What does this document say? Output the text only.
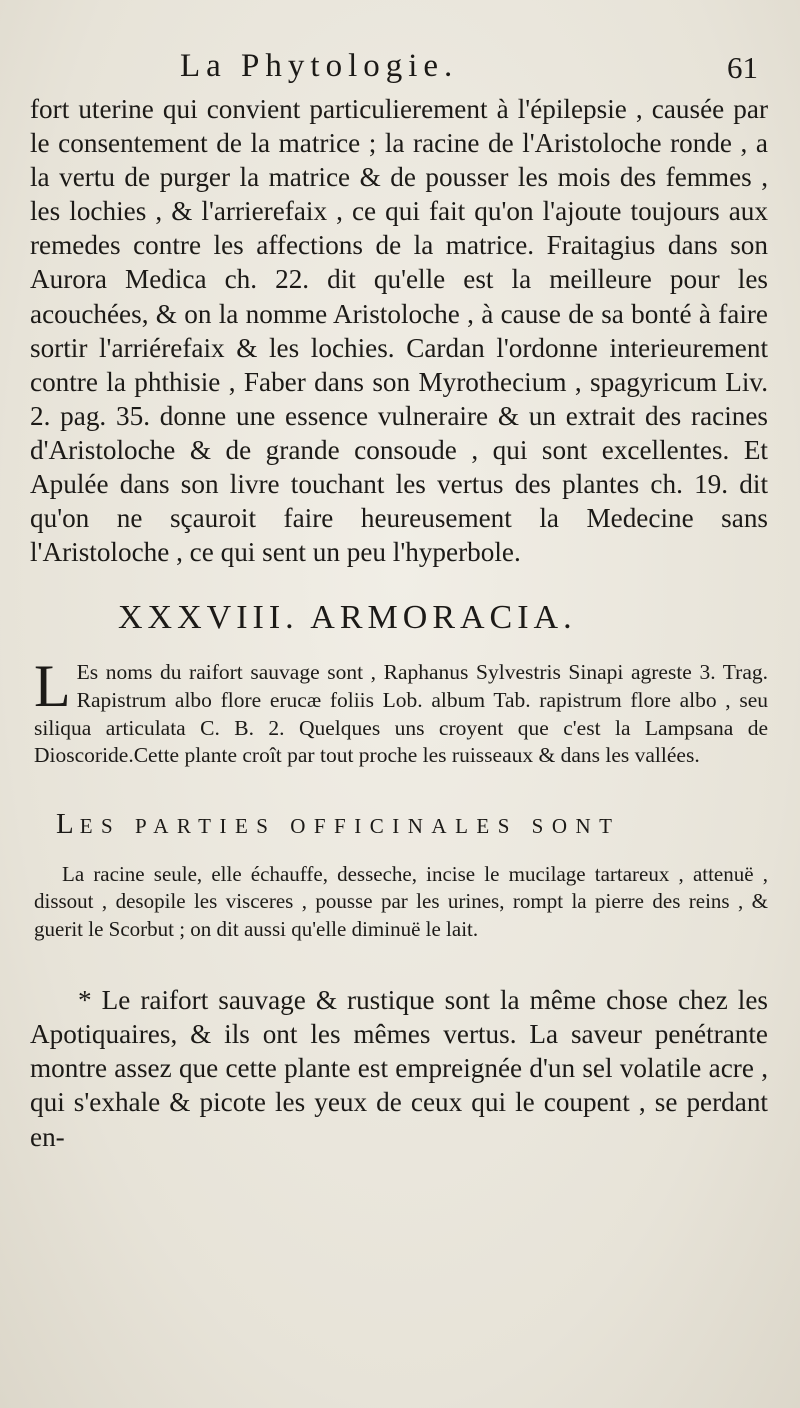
La Phytologie.	61

fort uterine qui convient particulierement à l'épilepsie , causée par le consentement de la matrice ; la racine de l'Aristoloche ronde , a la vertu de purger la matrice & de pousser les mois des femmes , les lochies , & l'arrierefaix , ce qui fait qu'on l'ajoute toujours aux remedes contre les affections de la matrice. Fraitagius dans son Aurora Medica ch. 22. dit qu'elle est la meilleure pour les acouchées, & on la nomme Aristoloche , à cause de sa bonté à faire sortir l'arriérefaix & les lochies. Cardan l'ordonne interieurement contre la phthisie , Faber dans son Myrothecium , spagyricum Liv. 2. pag. 35. donne une essence vulneraire & un extrait des racines d'Aristoloche & de grande consoude , qui sont excellentes. Et Apulée dans son livre touchant les vertus des plantes ch. 19. dit qu'on ne sçauroit faire heureusement la Medecine sans l'Aristoloche , ce qui sent un peu l'hyperbole.

XXXVIII. ARMORACIA.

L Es noms du raifort sauvage sont , Raphanus Sylvestris Sinapi agreste 3. Trag. Rapistrum albo flore erucæ foliis Lob. album Tab. rapistrum flore albo , seu siliqua articulata C. B. 2. Quelques uns croyent que c'est la Lampsana de Dioscoride.Cette plante croît par tout proche les ruisseaux & dans les vallées.

LES PARTIES OFFICINALES SONT

La racine seule, elle échauffe, desseche, incise le mucilage tartareux , attenuë , dissout , desopile les visceres , pousse par les urines, rompt la pierre des reins , & guerit le Scorbut ; on dit aussi qu'elle diminuë le lait.

* Le raifort sauvage & rustique sont la même chose chez les Apotiquaires, & ils ont les mêmes vertus. La saveur penétrante montre assez que cette plante est empreignée d'un sel volatile acre , qui s'exhale & picote les yeux de ceux qui le coupent , se perdant en-
